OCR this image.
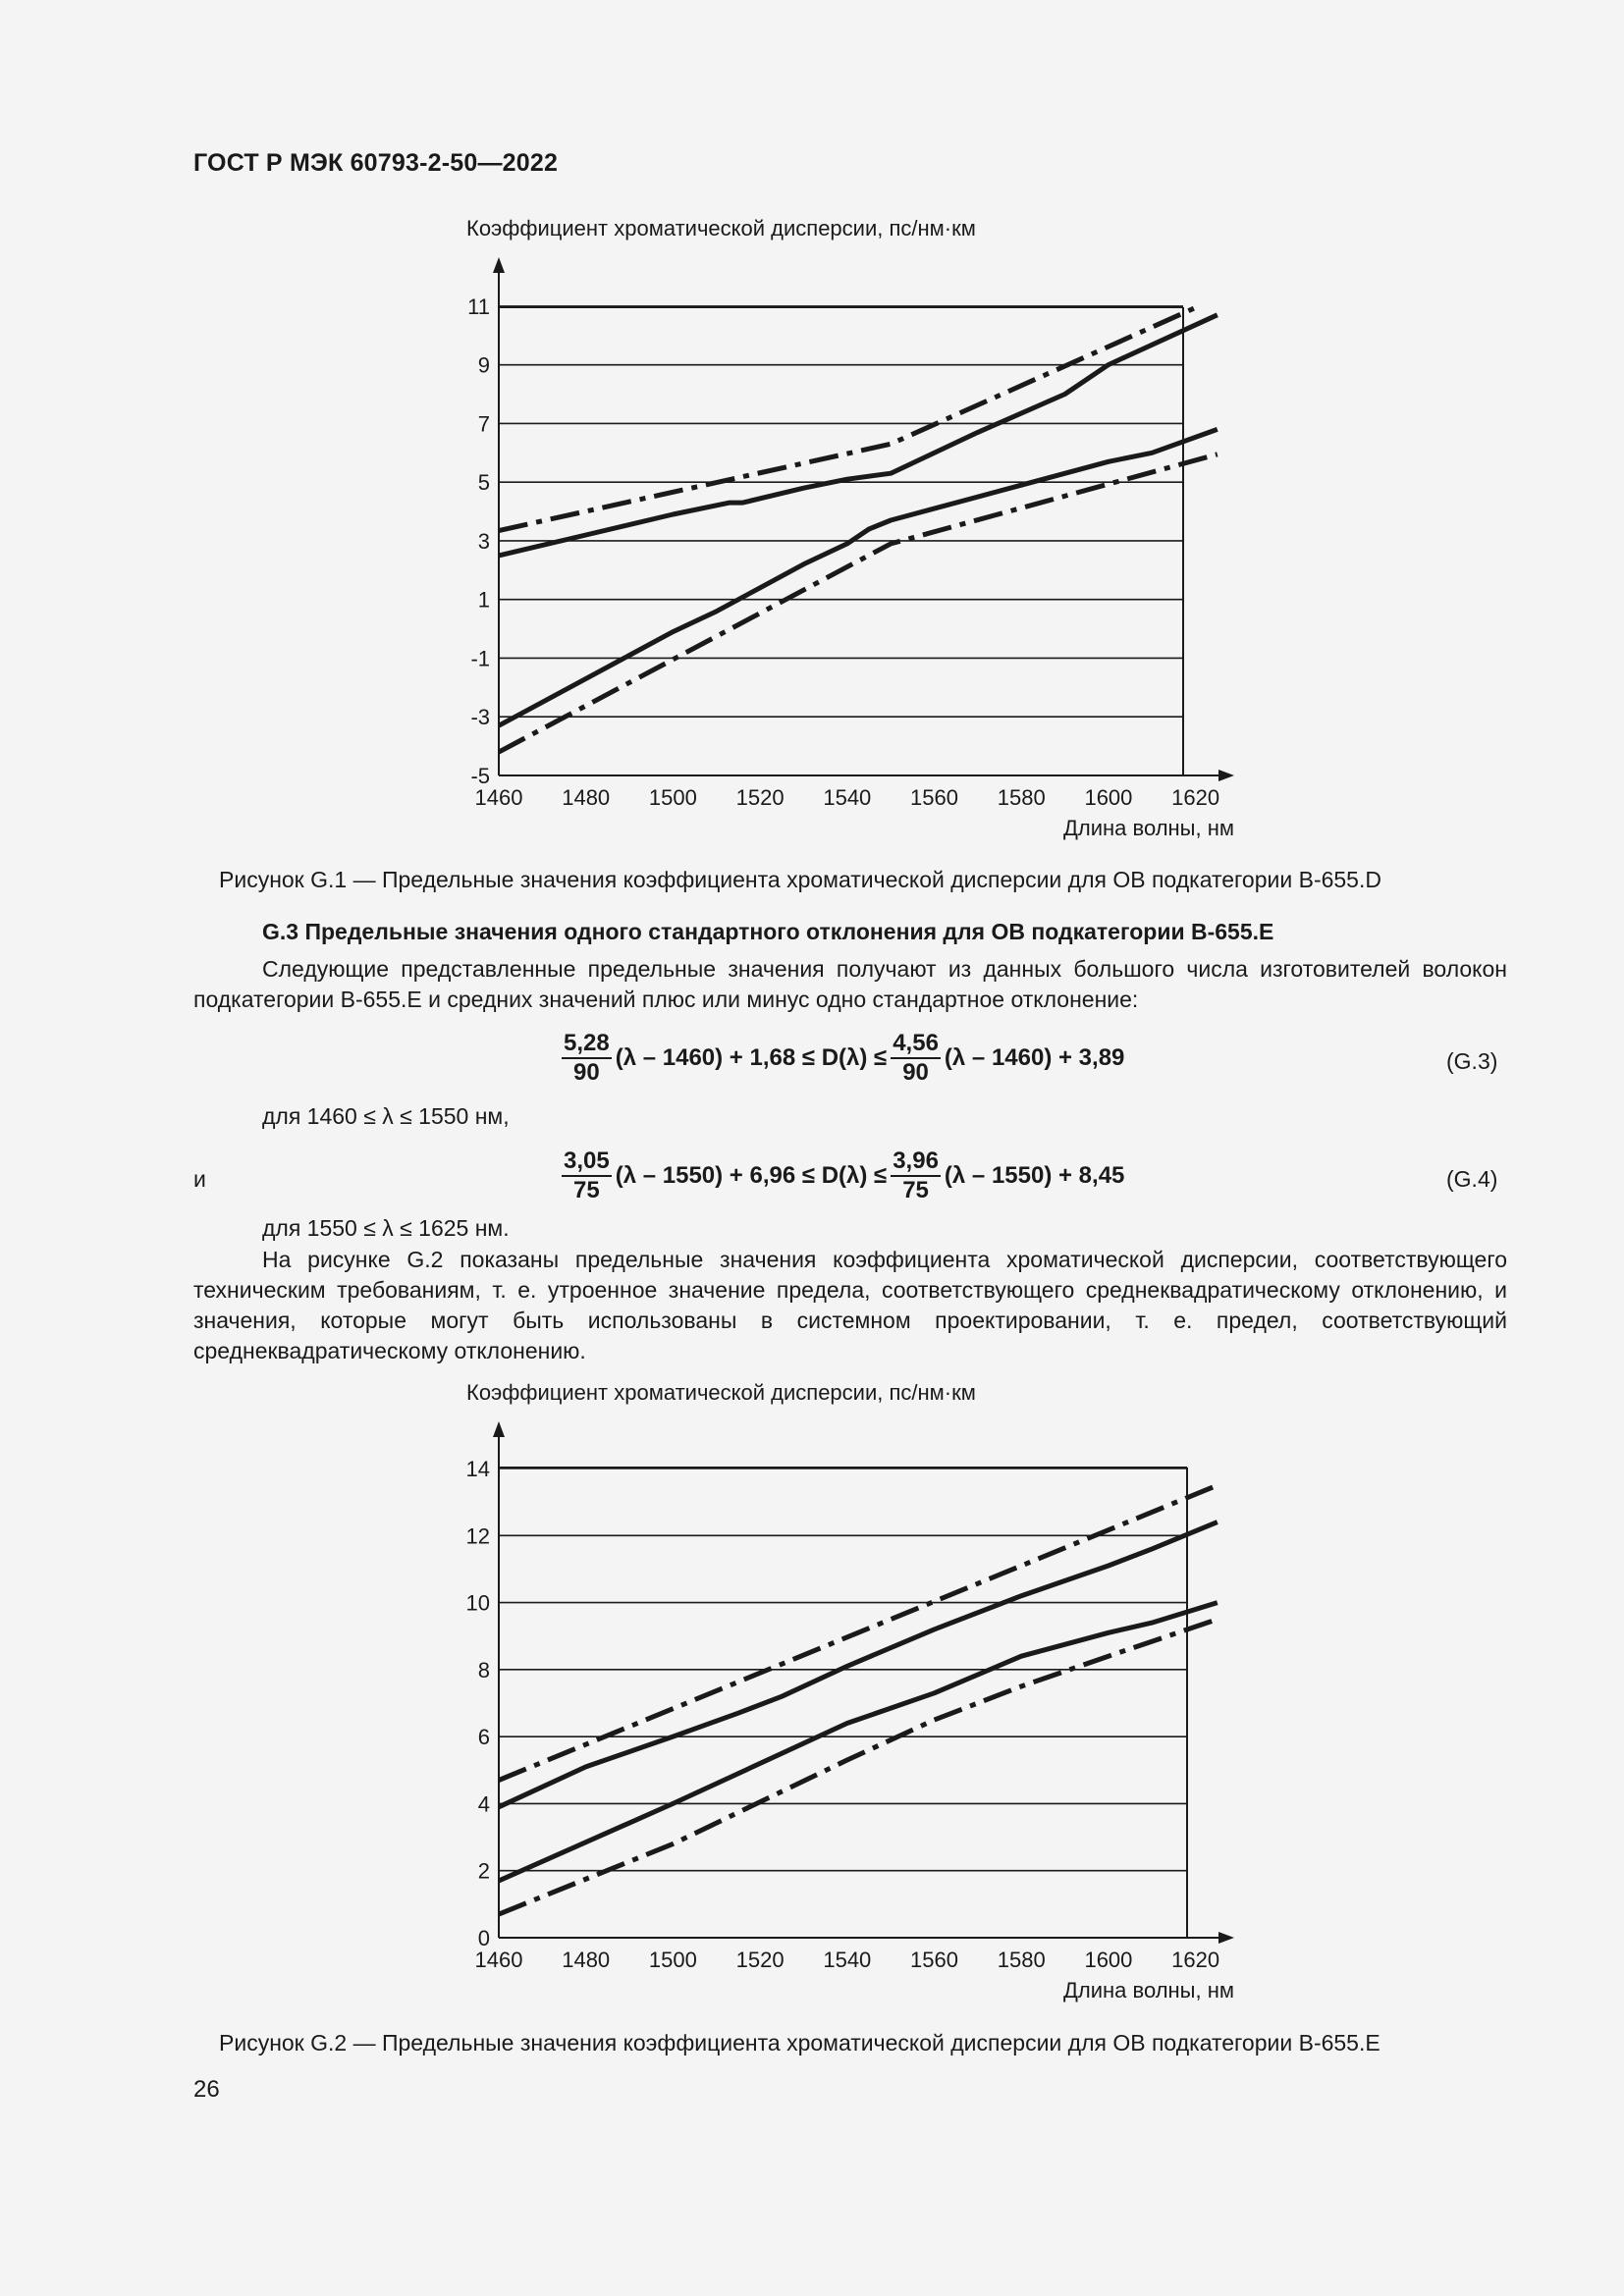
ГОСТ Р МЭК 60793-2-50—2022
11
9
7
5
3
1
-1
-3
-5
1460 1480 1500 1520 1540 1560 1580 1600 1620
Коэффициент хроматической дисперсии, пс/нм·км
Длина волны, нм
Рисунок G.1 — Предельные значения коэффициента хроматической дисперсии для ОВ подкатегории B-655.D
G.3 Предельные значения одного стандартного отклонения для ОВ подкатегории B-655.E
Следующие представленные предельные значения получают из данных большого числа изготовителей волокон подкатегории B-655.E и средних значений плюс или минус одно стандартное отклонение:
$\frac{5,28}{90} (\lambda - 1460) + 1,68 \le D(\lambda) \le \frac{4,56}{90} (\lambda - 1460) + 3,89$	(G.3)
для 1460 ≤ λ ≤ 1550 нм,
и	$\frac{3,05}{75} (\lambda - 1550) + 6,96 \le D(\lambda) \le \frac{3,96}{75} (\lambda - 1550) + 8,45$	(G.4)
для 1550 ≤ λ ≤ 1625 нм.
На рисунке G.2 показаны предельные значения коэффициента хроматической дисперсии, соответствующего техническим требованиям, т. е. утроенное значение предела, соответствующего среднеквадратическому отклонению, и значения, которые могут быть использованы в системном проектировании, т. е. предел, соответствующий среднеквадратическому отклонению.
14
12
10
8
6
4
2
0
1460 1480 1500 1520 1540 1560 1580 1600 1620
Коэффициент хроматической дисперсии, пс/нм·км
Длина волны, нм
Рисунок G.2 — Предельные значения коэффициента хроматической дисперсии для ОВ подкатегории B-655.E
26
